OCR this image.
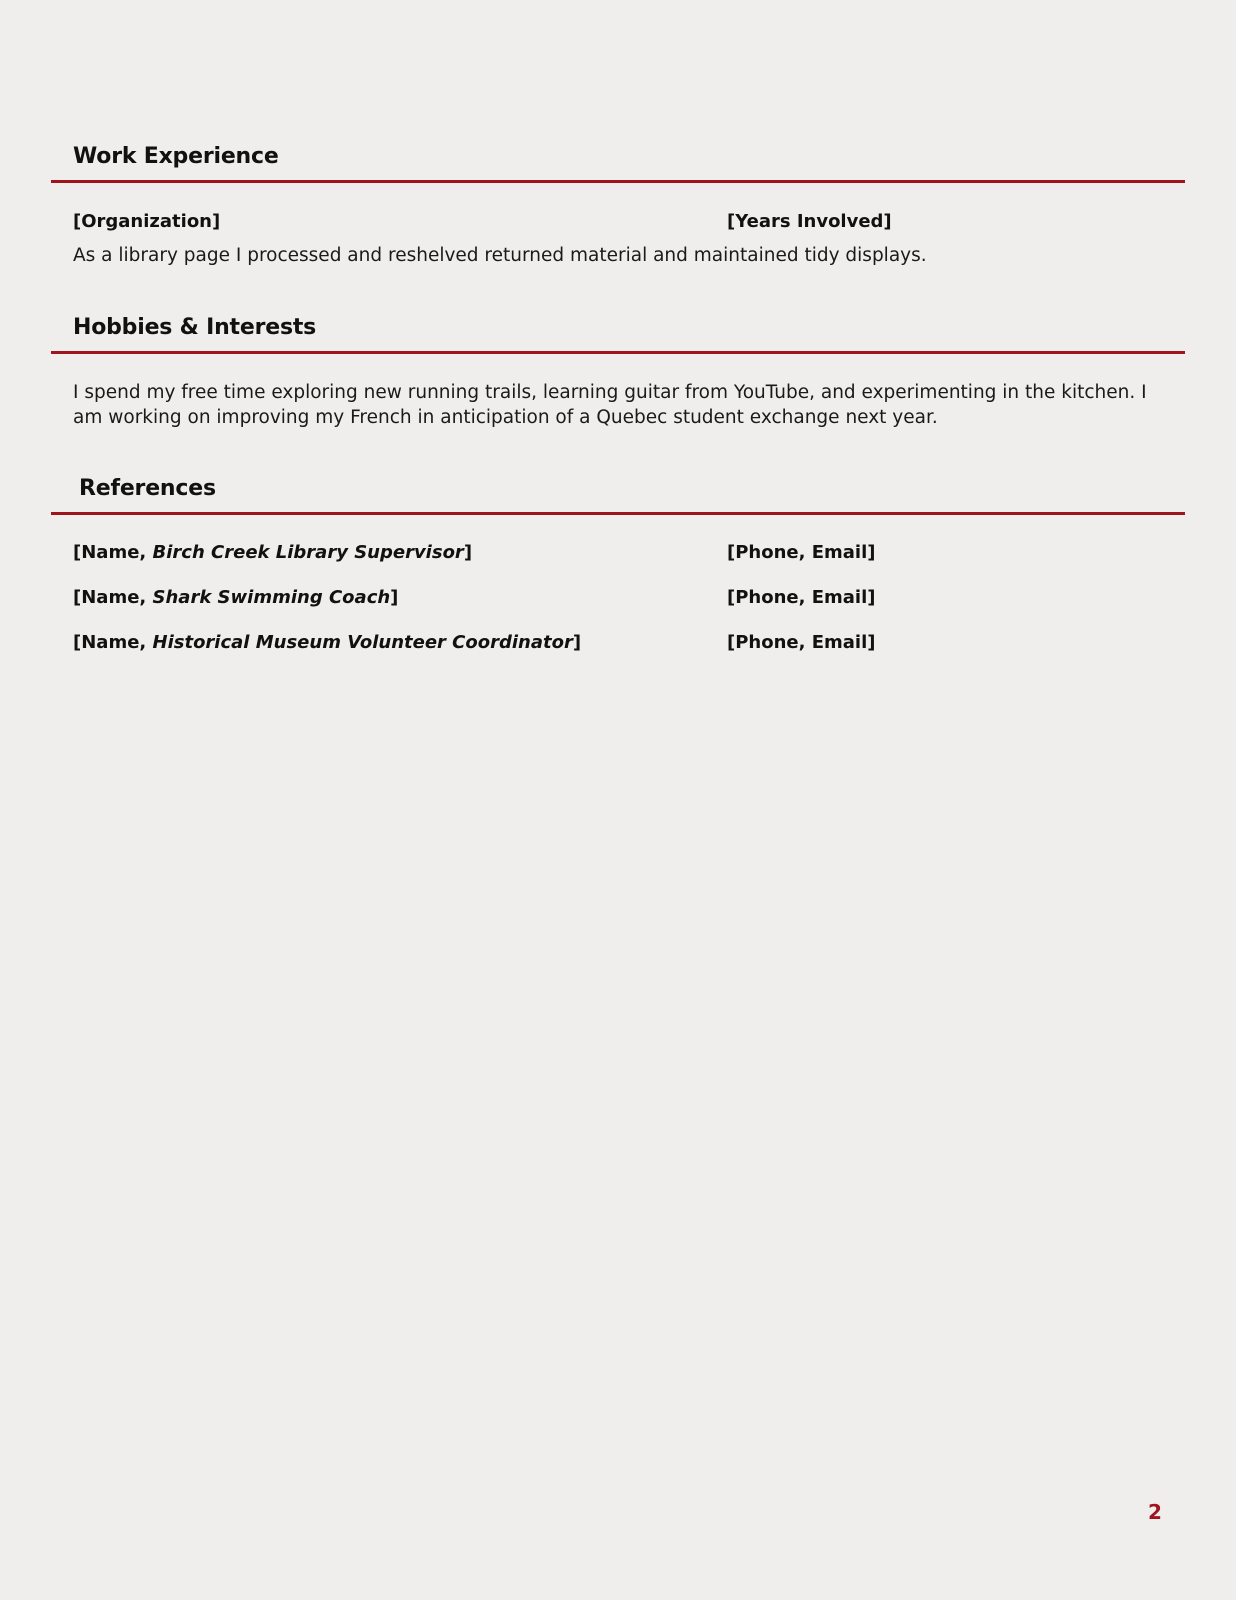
Work Experience
[Organization]	[Years Involved]
As a library page I processed and reshelved returned material and maintained tidy displays.
Hobbies & Interests
I spend my free time exploring new running trails, learning guitar from YouTube, and experimenting in the kitchen. I am working on improving my French in anticipation of a Quebec student exchange next year.
References
[Name, Birch Creek Library Supervisor]	[Phone, Email]
[Name, Shark Swimming Coach]	[Phone, Email]
[Name, Historical Museum Volunteer Coordinator]	[Phone, Email]
2
